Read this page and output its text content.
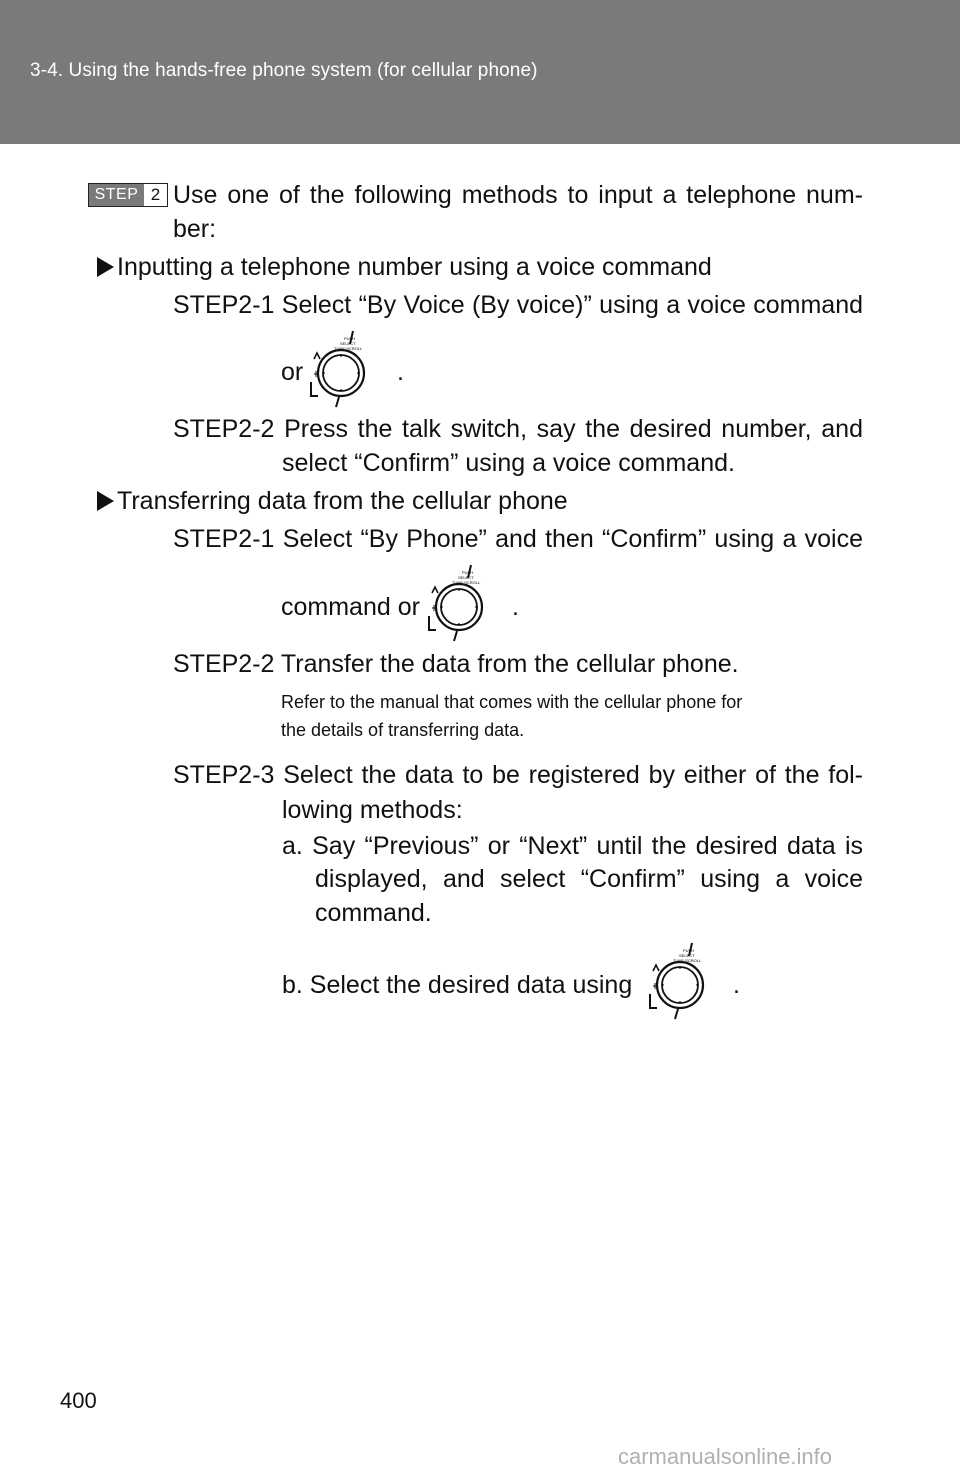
3-4. Using the hands-free phone system (for cellular phone)
STEP 2 Use one of the following methods to input a telephone num-
ber:
Inputting a telephone number using a voice command
STEP2-1 Select “By Voice (By voice)” using a voice command
or
PUSH
SELECT
TUNE·SCROLL
.
STEP2-2 Press the talk switch, say the desired number, and
select “Confirm” using a voice command.
Transferring data from the cellular phone
STEP2-1 Select “By Phone” and then “Confirm” using a voice
command or
PUSH
SELECT
TUNE·SCROLL
.
STEP2-2 Transfer the data from the cellular phone.
Refer to the manual that comes with the cellular phone for
the details of transferring data.
STEP2-3 Select the data to be registered by either of the fol-
lowing methods:
a. Say “Previous” or “Next” until the desired data is
displayed, and select “Confirm” using a voice
command.
b. Select the desired data using
PUSH
SELECT
TUNE·SCROLL
.
400
carmanualsonline.info
